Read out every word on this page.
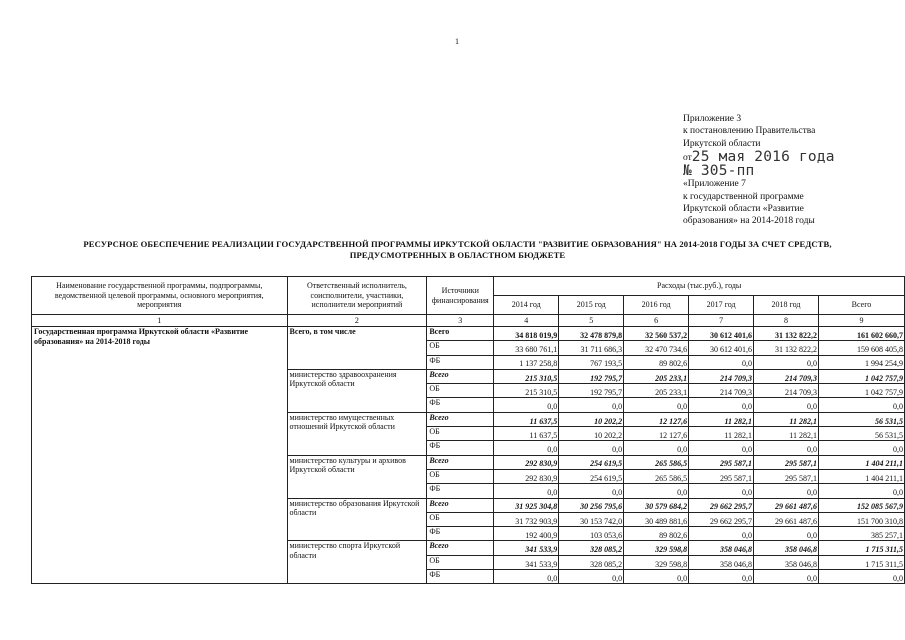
1
Приложение 3
к постановлению Правительства
Иркутской области
от25 мая 2016 года
№ 305-пп
«Приложение 7
к государственной программе
Иркутской области «Развитие
образования» на 2014-2018 годы
РЕСУРСНОЕ ОБЕСПЕЧЕНИЕ РЕАЛИЗАЦИИ ГОСУДАРСТВЕННОЙ ПРОГРАММЫ ИРКУТСКОЙ ОБЛАСТИ "РАЗВИТИЕ ОБРАЗОВАНИЯ" НА 2014-2018 ГОДЫ ЗА СЧЕТ СРЕДСТВ, ПРЕДУСМОТРЕННЫХ В ОБЛАСТНОМ БЮДЖЕТЕ
Наименование государственной программы, подпрограммы, ведомственной целевой программы, основного мероприятия, мероприятия	Ответственный исполнитель, соисполнители, участники, исполнители мероприятий	Источники финансирования	Расходы (тыс.руб.), годы					
			2014 год	2015 год	2016 год	2017 год	2018 год	Всего
1	2	3	4	5	6	7	8	9
Государственная программа Иркутской области «Развитие образования» на 2014-2018 годы	Всего, в том числе	Всего	34 818 019,9	32 478 879,8	32 560 537,2	30 612 401,6	31 132 822,2	161 602 660,7
		ОБ	33 680 761,1	31 711 686,3	32 470 734,6	30 612 401,6	31 132 822,2	159 608 405,8
		ФБ	1 137 258,8	767 193,5	89 802,6	0,0	0,0	1 994 254,9
	министерство здравоохранения Иркутской области	Всего	215 310,5	192 795,7	205 233,1	214 709,3	214 709,3	1 042 757,9
		ОБ	215 310,5	192 795,7	205 233,1	214 709,3	214 709,3	1 042 757,9
		ФБ	0,0	0,0	0,0	0,0	0,0	0,0
	министерство имущественных отношений Иркутской области	Всего	11 637,5	10 202,2	12 127,6	11 282,1	11 282,1	56 531,5
		ОБ	11 637,5	10 202,2	12 127,6	11 282,1	11 282,1	56 531,5
		ФБ	0,0	0,0	0,0	0,0	0,0	0,0
	министерство культуры и архивов Иркутской области	Всего	292 830,9	254 619,5	265 586,5	295 587,1	295 587,1	1 404 211,1
		ОБ	292 830,9	254 619,5	265 586,5	295 587,1	295 587,1	1 404 211,1
		ФБ	0,0	0,0	0,0	0,0	0,0	0,0
	министерство образования Иркутской области	Всего	31 925 304,8	30 256 795,6	30 579 684,2	29 662 295,7	29 661 487,6	152 085 567,9
		ОБ	31 732 903,9	30 153 742,0	30 489 881,6	29 662 295,7	29 661 487,6	151 700 310,8
		ФБ	192 400,9	103 053,6	89 802,6	0,0	0,0	385 257,1
	министерство спорта Иркутской области	Всего	341 533,9	328 085,2	329 598,8	358 046,8	358 046,8	1 715 311,5
		ОБ	341 533,9	328 085,2	329 598,8	358 046,8	358 046,8	1 715 311,5
		ФБ	0,0	0,0	0,0	0,0	0,0	0,0
